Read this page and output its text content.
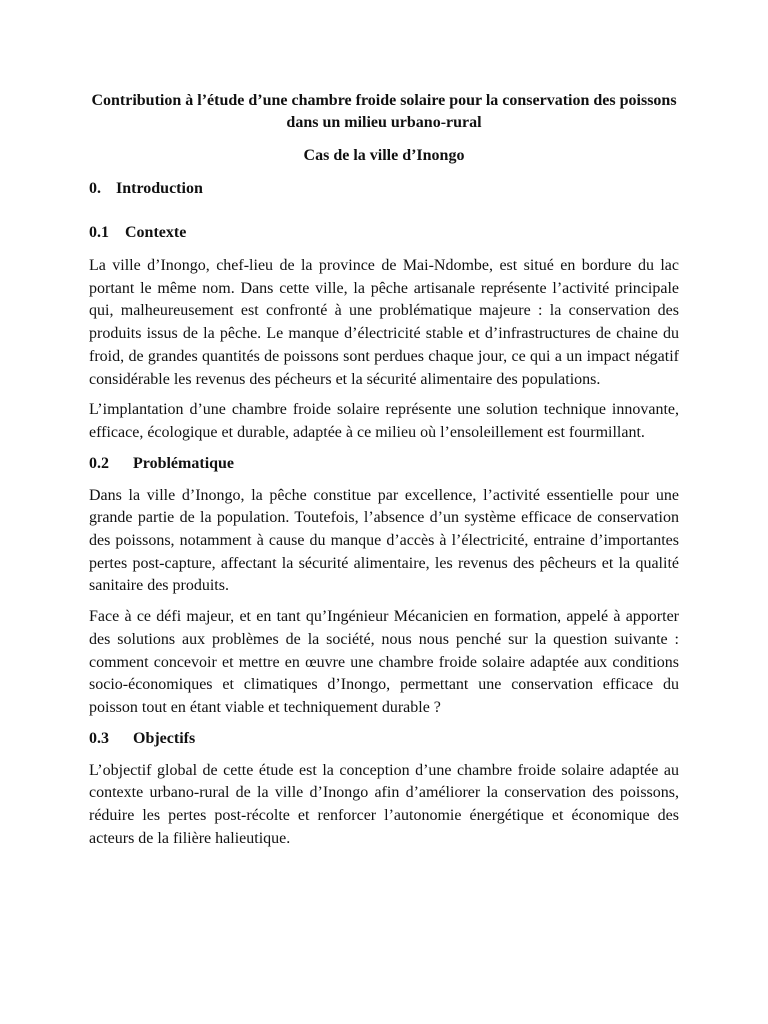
Contribution à l’étude d’une chambre froide solaire pour la conservation des poissons dans un milieu urbano-rural

Cas de la ville d’Inongo

0. Introduction

0.1 Contexte

La ville d’Inongo, chef-lieu de la province de Mai-Ndombe, est situé en bordure du lac portant le même nom. Dans cette ville, la pêche artisanale représente l’activité principale qui, malheureusement est confronté à une problématique majeure : la conservation des produits issus de la pêche. Le manque d’électricité stable et d’infrastructures de chaine du froid, de grandes quantités de poissons sont perdues chaque jour, ce qui a un impact négatif considérable les revenus des pécheurs et la sécurité alimentaire des populations.

L’implantation d’une chambre froide solaire représente une solution technique innovante, efficace, écologique et durable, adaptée à ce milieu où l’ensoleillement est fourmillant.

0.2 Problématique

Dans la ville d’Inongo, la pêche constitue par excellence, l’activité essentielle pour une grande partie de la population. Toutefois, l’absence d’un système efficace de conservation des poissons, notamment à cause du manque d’accès à l’électricité, entraine d’importantes pertes post-capture, affectant la sécurité alimentaire, les revenus des pêcheurs et la qualité sanitaire des produits.

Face à ce défi majeur, et en tant qu’Ingénieur Mécanicien en formation, appelé à apporter des solutions aux problèmes de la société, nous nous penché sur la question suivante : comment concevoir et mettre en œuvre une chambre froide solaire adaptée aux conditions socio-économiques et climatiques d’Inongo, permettant une conservation efficace du poisson tout en étant viable et techniquement durable ?

0.3 Objectifs

L’objectif global de cette étude est la conception d’une chambre froide solaire adaptée au contexte urbano-rural de la ville d’Inongo afin d’améliorer la conservation des poissons, réduire les pertes post-récolte et renforcer l’autonomie énergétique et économique des acteurs de la filière halieutique.
